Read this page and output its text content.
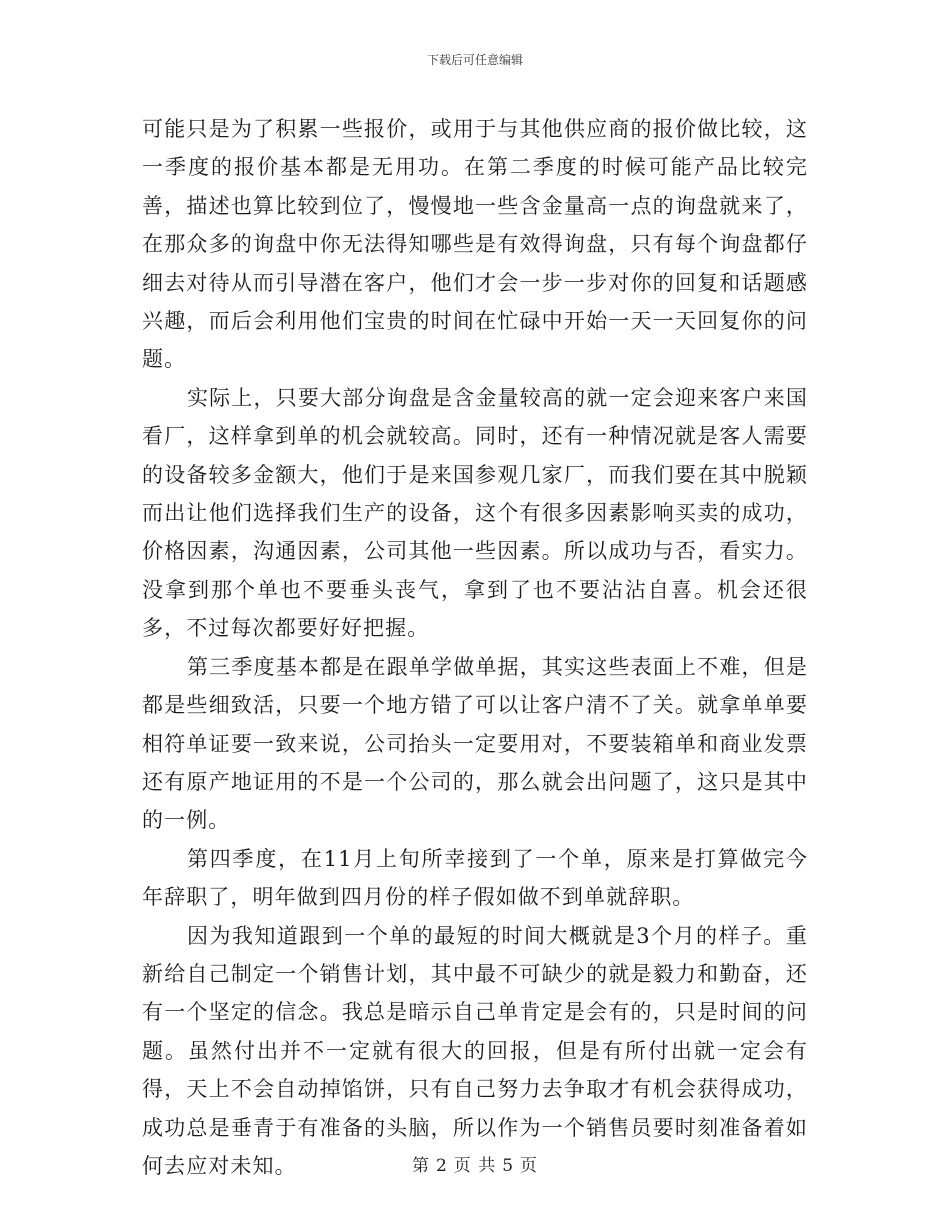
下载后可任意编辑

可能只是为了积累一些报价，或用于与其他供应商的报价做比较，这一季度的报价基本都是无用功。在第二季度的时候可能产品比较完善，描述也算比较到位了，慢慢地一些含金量高一点的询盘就来了，在那众多的询盘中你无法得知哪些是有效得询盘，只有每个询盘都仔细去对待从而引导潜在客户，他们才会一步一步对你的回复和话题感兴趣，而后会利用他们宝贵的时间在忙碌中开始一天一天回复你的问题。

实际上，只要大部分询盘是含金量较高的就一定会迎来客户来国看厂，这样拿到单的机会就较高。同时，还有一种情况就是客人需要的设备较多金额大，他们于是来国参观几家厂，而我们要在其中脱颖而出让他们选择我们生产的设备，这个有很多因素影响买卖的成功，价格因素，沟通因素，公司其他一些因素。所以成功与否，看实力。没拿到那个单也不要垂头丧气，拿到了也不要沾沾自喜。机会还很多，不过每次都要好好把握。

第三季度基本都是在跟单学做单据，其实这些表面上不难，但是都是些细致活，只要一个地方错了可以让客户清不了关。就拿单单要相符单证要一致来说，公司抬头一定要用对，不要装箱单和商业发票还有原产地证用的不是一个公司的，那么就会出问题了，这只是其中的一例。

第四季度，在11月上旬所幸接到了一个单，原来是打算做完今年辞职了，明年做到四月份的样子假如做不到单就辞职。

因为我知道跟到一个单的最短的时间大概就是3个月的样子。重新给自己制定一个销售计划，其中最不可缺少的就是毅力和勤奋，还有一个坚定的信念。我总是暗示自己单肯定是会有的，只是时间的问题。虽然付出并不一定就有很大的回报，但是有所付出就一定会有得，天上不会自动掉馅饼，只有自己努力去争取才有机会获得成功，成功总是垂青于有准备的头脑，所以作为一个销售员要时刻准备着如何去应对未知。	第 2 页 共 5 页
